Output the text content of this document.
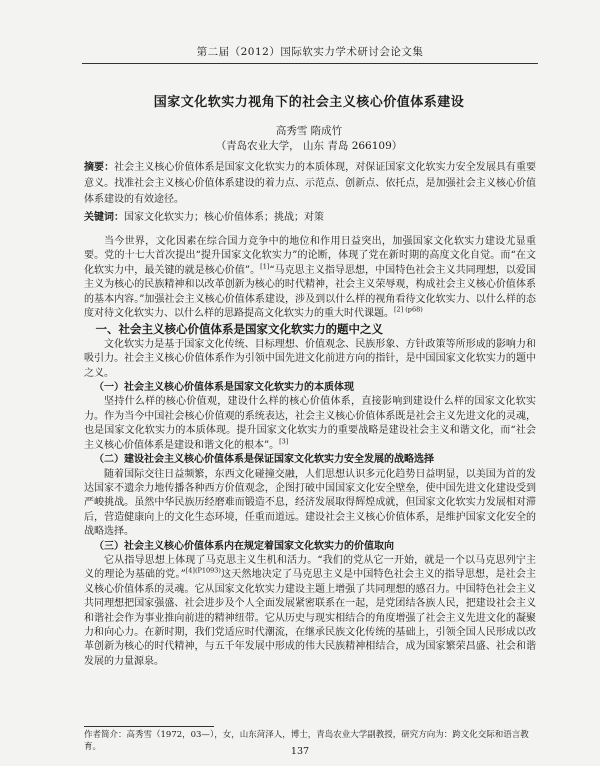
第二届（2012）国际软实力学术研讨会论文集
国家文化软实力视角下的社会主义核心价值体系建设
高秀雪 隋成竹
（青岛农业大学， 山东 青岛 266109）
摘要：社会主义核心价值体系是国家文化软实力的本质体现，对保证国家文化软实力安全发展具有重要意义。找准社会主义核心价值体系建设的着力点、示范点、创新点、依托点，是加强社会主义核心价值体系建设的有效途径。
关键词：国家文化软实力；核心价值体系；挑战；对策

当今世界，文化因素在综合国力竞争中的地位和作用日益突出，加强国家文化软实力建设尤显重要。党的十七大首次提出“提升国家文化软实力”的论断，体现了党在新时期的高度文化自觉。而“在文化软实力中，最关键的就是核心价值”。[1]“马克思主义指导思想，中国特色社会主义共同理想，以爱国主义为核心的民族精神和以改革创新为核心的时代精神，社会主义荣辱观，构成社会主义核心价值体系的基本内容。”加强社会主义核心价值体系建设，涉及到以什么样的视角看待文化软实力、以什么样的态度对待文化软实力、以什么样的思路提高文化软实力的重大时代课题。$^{[2] (p68)}$

一、社会主义核心价值体系是国家文化软实力的题中之义

文化软实力是基于国家文化传统、目标理想、价值观念、民族形象、方针政策等所形成的影响力和吸引力。社会主义核心价值体系作为引领中国先进文化前进方向的指针，是中国国家文化软实力的题中之义。

（一）社会主义核心价值体系是国家文化软实力的本质体现

坚持什么样的核心价值观，建设什么样的核心价值体系，直接影响到建设什么样的国家文化软实力。作为当今中国社会核心价值观的系统表达，社会主义核心价值体系既是社会主义先进文化的灵魂，也是国家文化软实力的本质体现。提升国家文化软实力的重要战略是建设社会主义和谐文化，而“社会主义核心价值体系是建设和谐文化的根本”。[3]

（二）建设社会主义核心价值体系是保证国家文化软实力安全发展的战略选择

随着国际交往日益频繁，东西文化碰撞交融，人们思想认识多元化趋势日益明显，以美国为首的发达国家不遗余力地传播各种西方价值观念，企图打破中国国家文化安全壁垒，使中国先进文化建设受到严峻挑战。虽然中华民族历经磨难而锻造不息，经济发展取得辉煌成就，但国家文化软实力发展相对滞后，营造健康向上的文化生态环境，任重而道远。建设社会主义核心价值体系，是维护国家文化安全的战略选择。

（三）社会主义核心价值体系内在规定着国家文化软实力的价值取向

它从指导思想上体现了马克思主义生机和活力。“我们的党从它一开始，就是一个以马克思列宁主义的理论为基础的党。”$^{[4](P1093)}$这天然地决定了马克思主义是中国特色社会主义的指导思想，是社会主义核心价值体系的灵魂。它从国家文化软实力建设主题上增强了共同理想的感召力。中国特色社会主义共同理想把国家强盛、社会进步及个人全面发展紧密联系在一起，是党团结各族人民，把建设社会主义和谐社会作为事业推向前进的精神纽带。它从历史与现实相结合的角度增强了社会主义先进文化的凝聚力和向心力。在新时期，我们党适应时代潮流，在继承民族文化传统的基础上，引领全国人民形成以改革创新为核心的时代精神，与五千年发展中形成的伟大民族精神相结合，成为国家繁荣昌盛、社会和谐发展的力量源泉。

作者简介：高秀雪（1972，03—），女，山东菏泽人，博士，青岛农业大学副教授，研究方向为：跨文化交际和语言教育。	137
